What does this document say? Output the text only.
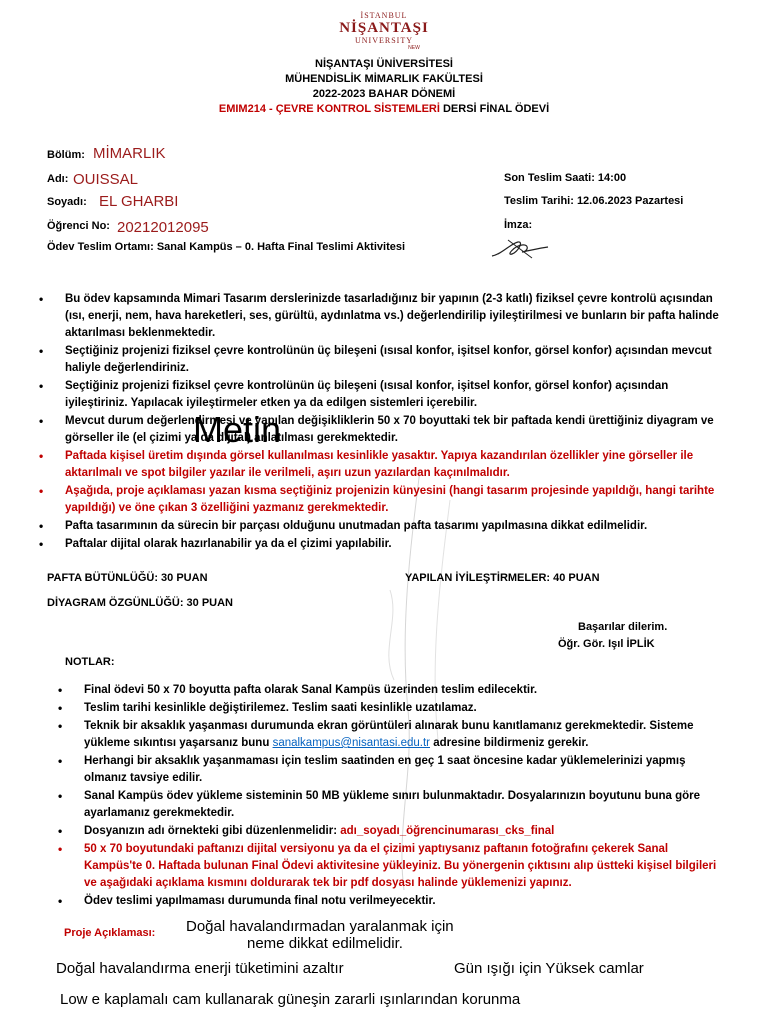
İSTANBUL
NİŞANTAŞI
UNIVERSITY
NEW
NİŞANTAŞI ÜNİVERSİTESİ
MÜHENDİSLİK MİMARLIK FAKÜLTESİ
2022-2023 BAHAR DÖNEMİ
EMIM214 - ÇEVRE KONTROL SİSTEMLERİ DERSİ FİNAL ÖDEVİ
Bölüm: MİMARLIK
Adı: OUISSAL
Soyadı: EL GHARBI
Öğrenci No: 20212012095
Ödev Teslim Ortamı: Sanal Kampüs – 0. Hafta Final Teslimi Aktivitesi
Son Teslim Saati: 14:00
Teslim Tarihi: 12.06.2023 Pazartesi
İmza:
• Bu ödev kapsamında Mimari Tasarım derslerinizde tasarladığınız bir yapının (2-3 katlı) fiziksel çevre kontrolü açısından (ısı, enerji, nem, hava hareketleri, ses, gürültü, aydınlatma vs.) değerlendirilip iyileştirilmesi ve bunların bir pafta halinde aktarılması beklenmektedir.
• Seçtiğiniz projenizi fiziksel çevre kontrolünün üç bileşeni (ısısal konfor, işitsel konfor, görsel konfor) açısından mevcut haliyle değerlendiriniz.
• Seçtiğiniz projenizi fiziksel çevre kontrolünün üç bileşeni (ısısal konfor, işitsel konfor, görsel konfor) açısından iyileştiriniz. Yapılacak iyileştirmeler etken ya da edilgen sistemleri içerebilir.
• Mevcut durum değerlendirmesi ve yapılan değişikliklerin 50 x 70 boyuttaki tek bir paftada kendi ürettiğiniz diyagram ve görseller ile (el çizimi ya da dijital) anlatılması gerekmektedir.
• Paftada kişisel üretim dışında görsel kullanılması kesinlikle yasaktır. Yapıya kazandırılan özellikler yine görseller ile aktarılmalı ve spot bilgiler yazılar ile verilmeli, aşırı uzun yazılardan kaçınılmalıdır.
• Aşağıda, proje açıklaması yazan kısma seçtiğiniz projenizin künyesini (hangi tasarım projesinde yapıldığı, hangi tarihte yapıldığı) ve öne çıkan 3 özelliğini yazmanız gerekmektedir.
• Pafta tasarımının da sürecin bir parçası olduğunu unutmadan pafta tasarımı yapılmasına dikkat edilmelidir.
• Paftalar dijital olarak hazırlanabilir ya da el çizimi yapılabilir.
Metin
PAFTA BÜTÜNLÜĞÜ: 30 PUAN	YAPILAN İYİLEŞTİRMELER: 40 PUAN
DİYAGRAM ÖZGÜNLÜĞÜ: 30 PUAN
Başarılar dilerim.
Öğr. Gör. Işıl İPLİK
NOTLAR:
• Final ödevi 50 x 70 boyutta pafta olarak Sanal Kampüs üzerinden teslim edilecektir.
• Teslim tarihi kesinlikle değiştirilemez. Teslim saati kesinlikle uzatılamaz.
• Teknik bir aksaklık yaşanması durumunda ekran görüntüleri alınarak bunu kanıtlamanız gerekmektedir. Sisteme yükleme sıkıntısı yaşarsanız bunu sanalkampus@nisantasi.edu.tr adresine bildirmeniz gerekir.
• Herhangi bir aksaklık yaşanmaması için teslim saatinden en geç 1 saat öncesine kadar yüklemelerinizi yapmış olmanız tavsiye edilir.
• Sanal Kampüs ödev yükleme sisteminin 50 MB yükleme sınırı bulunmaktadır. Dosyalarınızın boyutunu buna göre ayarlamanız gerekmektedir.
• Dosyanızın adı örnekteki gibi düzenlenmelidir: adı_soyadı_öğrencinumarası_cks_final
• 50 x 70 boyutundaki paftanızı dijital versiyonu ya da el çizimi yaptıysanız paftanın fotoğrafını çekerek Sanal Kampüs'te 0. Haftada bulunan Final Ödevi aktivitesine yükleyiniz. Bu yönergenin çıktısını alıp üstteki kişisel bilgileri ve aşağıdaki açıklama kısmını doldurarak tek bir pdf dosyası halinde yüklemenizi yapınız.
• Ödev teslimi yapılmaması durumunda final notu verilmeyecektir.
Proje Açıklaması: Doğal havalandırmadan yaralanmak için
neme dikkat edilmelidir.
Doğal havalandırma enerji tüketimini azaltır	Gün ışığı için Yüksek camlar
Low e kaplamalı cam kullanarak güneşin zararli ışınlarından korunma
